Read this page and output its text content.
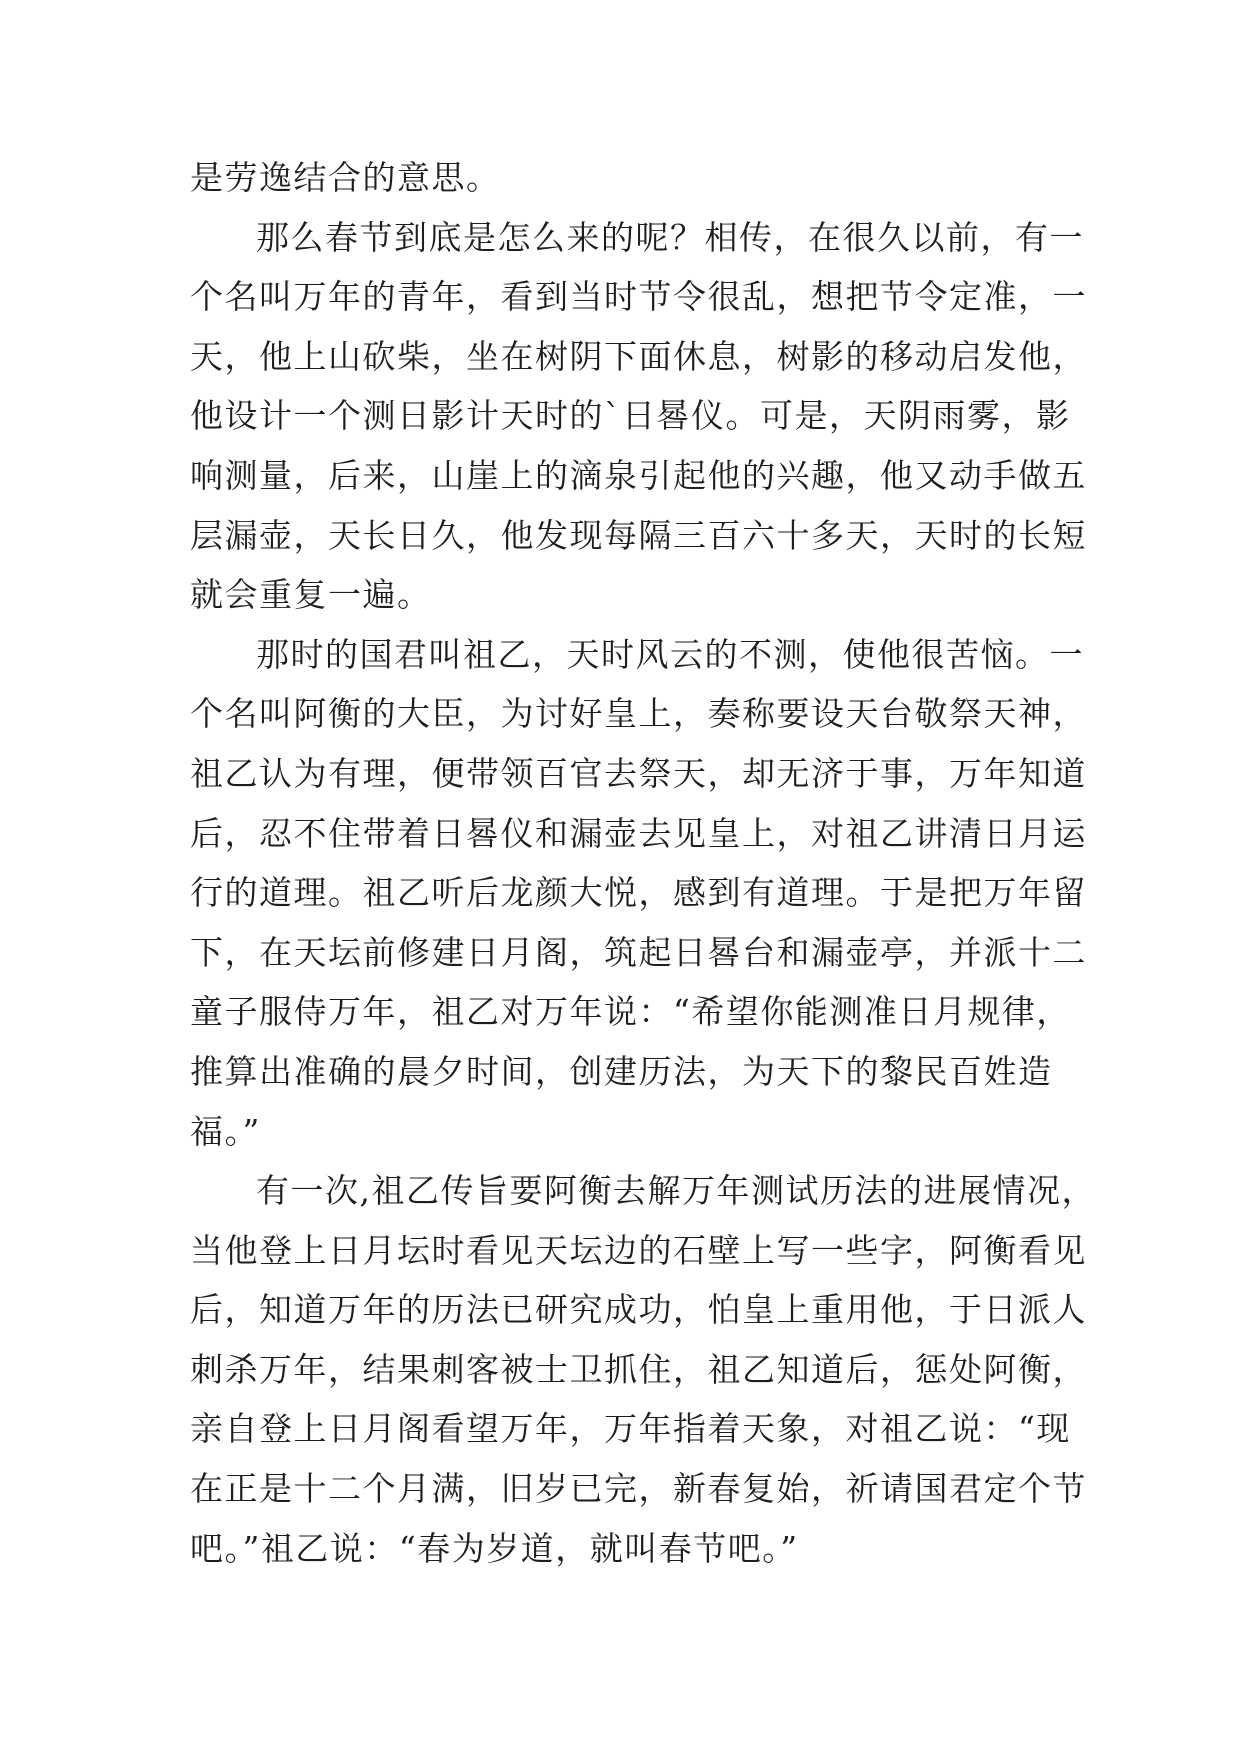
是劳逸结合的意思。
那么春节到底是怎么来的呢？相传，在很久以前，有一
个名叫万年的青年，看到当时节令很乱，想把节令定准，一
天，他上山砍柴，坐在树阴下面休息，树影的移动启发他，
他设计一个测日影计天时的`日晷仪。可是，天阴雨雾，影
响测量，后来，山崖上的滴泉引起他的兴趣，他又动手做五
层漏壶，天长日久，他发现每隔三百六十多天，天时的长短
就会重复一遍。
那时的国君叫祖乙，天时风云的不测，使他很苦恼。一
个名叫阿衡的大臣，为讨好皇上，奏称要设天台敬祭天神，
祖乙认为有理，便带领百官去祭天，却无济于事，万年知道
后，忍不住带着日晷仪和漏壶去见皇上，对祖乙讲清日月运
行的道理。祖乙听后龙颜大悦，感到有道理。于是把万年留
下，在天坛前修建日月阁，筑起日晷台和漏壶亭，并派十二
童子服侍万年，祖乙对万年说：“希望你能测准日月规律，
推算出准确的晨夕时间，创建历法，为天下的黎民百姓造
福。”
有一次,祖乙传旨要阿衡去解万年测试历法的进展情况，
当他登上日月坛时看见天坛边的石壁上写一些字，阿衡看见
后，知道万年的历法已研究成功，怕皇上重用他，于日派人
刺杀万年，结果刺客被士卫抓住，祖乙知道后，惩处阿衡，
亲自登上日月阁看望万年，万年指着天象，对祖乙说：“现
在正是十二个月满，旧岁已完，新春复始，祈请国君定个节
吧。”祖乙说：“春为岁道，就叫春节吧。”
